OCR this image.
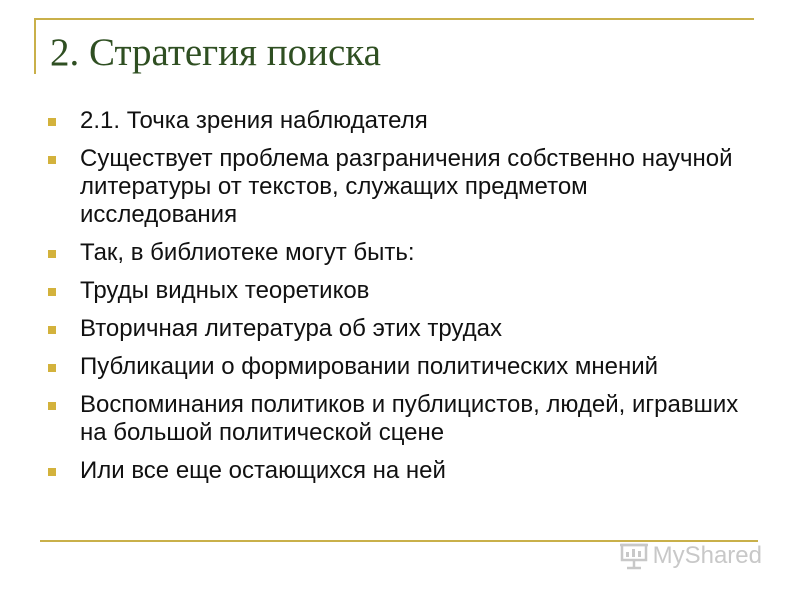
2. Стратегия поиска
2.1. Точка зрения наблюдателя
Существует проблема разграничения собственно научной литературы от текстов, служащих предметом исследования
Так, в библиотеке могут быть:
Труды видных теоретиков
Вторичная литература об этих трудах
Публикации о формировании политических мнений
Воспоминания политиков и публицистов, людей, игравших на большой политической сцене
Или все еще остающихся на ней
MyShared
